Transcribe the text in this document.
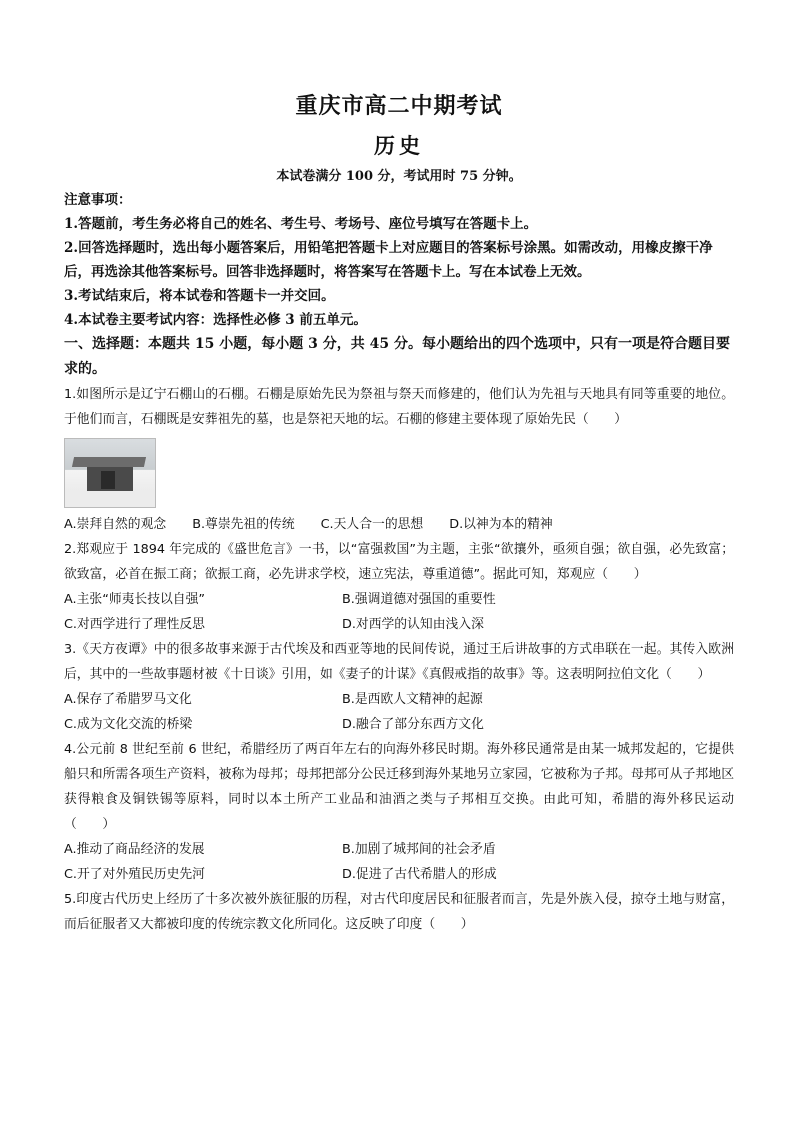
重庆市高二中期考试
历史

本试卷满分 100 分，考试用时 75 分钟。

注意事项：
1.答题前，考生务必将自己的姓名、考生号、考场号、座位号填写在答题卡上。
2.回答选择题时，选出每小题答案后，用铅笔把答题卡上对应题目的答案标号涂黑。如需改动，用橡皮擦干净后，再选涂其他答案标号。回答非选择题时，将答案写在答题卡上。写在本试卷上无效。
3.考试结束后，将本试卷和答题卡一并交回。
4.本试卷主要考试内容：选择性必修 3 前五单元。
一、选择题：本题共 15 小题，每小题 3 分，共 45 分。每小题给出的四个选项中，只有一项是符合题目要求的。
1.如图所示是辽宁石棚山的石棚。石棚是原始先民为祭祖与祭天而修建的，他们认为先祖与天地具有同等重要的地位。于他们而言，石棚既是安葬祖先的墓，也是祭祀天地的坛。石棚的修建主要体现了原始先民（　　）
A.崇拜自然的观念 B.尊崇先祖的传统 C.天人合一的思想 D.以神为本的精神
2.郑观应于 1894 年完成的《盛世危言》一书，以“富强救国”为主题，主张“欲攘外，亟须自强；欲自强，必先致富；欲致富，必首在振工商；欲振工商，必先讲求学校，速立宪法，尊重道德”。据此可知，郑观应（　　）
A.主张“师夷长技以自强”	B.强调道德对强国的重要性
C.对西学进行了理性反思	D.对西学的认知由浅入深
3.《天方夜谭》中的很多故事来源于古代埃及和西亚等地的民间传说，通过王后讲故事的方式串联在一起。其传入欧洲后，其中的一些故事题材被《十日谈》引用，如《妻子的计谋》《真假戒指的故事》等。这表明阿拉伯文化（　　）
A.保存了希腊罗马文化	B.是西欧人文精神的起源
C.成为文化交流的桥梁	D.融合了部分东西方文化
4.公元前 8 世纪至前 6 世纪，希腊经历了两百年左右的向海外移民时期。海外移民通常是由某一城邦发起的，它提供船只和所需各项生产资料，被称为母邦；母邦把部分公民迁移到海外某地另立家园，它被称为子邦。母邦可从子邦地区获得粮食及铜铁锡等原料，同时以本土所产工业品和油酒之类与子邦相互交换。由此可知，希腊的海外移民运动（　　）
A.推动了商品经济的发展	B.加剧了城邦间的社会矛盾
C.开了对外殖民历史先河	D.促进了古代希腊人的形成
5.印度古代历史上经历了十多次被外族征服的历程，对古代印度居民和征服者而言，先是外族入侵，掠夺土地与财富，而后征服者又大都被印度的传统宗教文化所同化。这反映了印度（　　）
